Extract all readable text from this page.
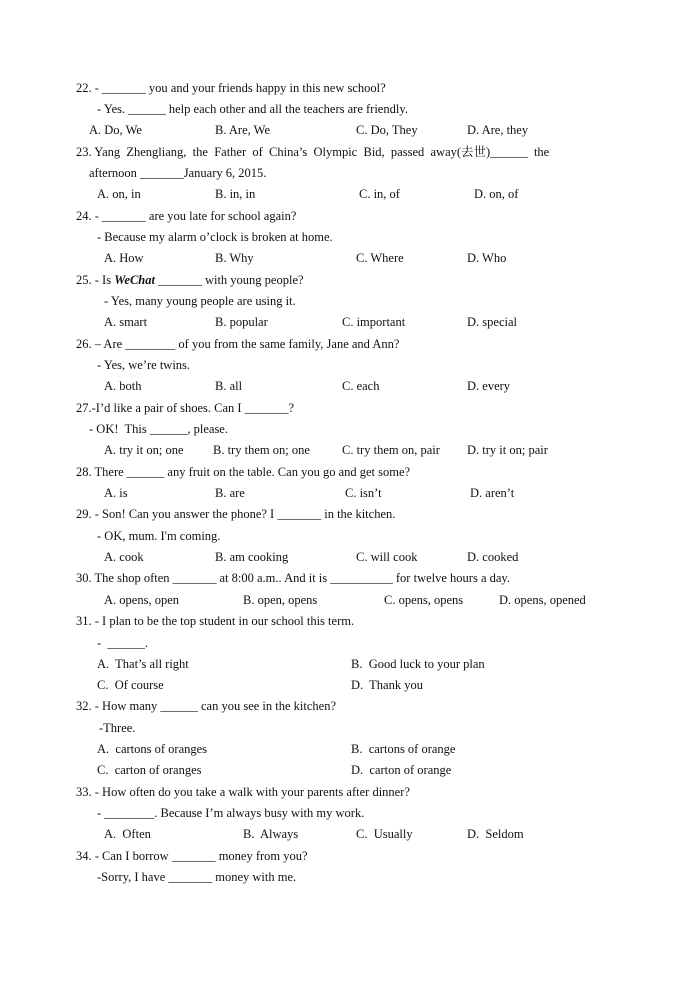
22. - _______ you and your friends happy in this new school?
- Yes. ______ help each other and all the teachers are friendly.
A. Do, We	B. Are, We	C. Do, They	D. Are, they
23. Yang  Zhengliang,  the  Father  of  China’s  Olympic  Bid,  passed  away(去世)______  the
afternoon _______January 6, 2015.
A. on, in	B. in, in	C. in, of	D. on, of
24. - _______ are you late for school again?
- Because my alarm o’clock is broken at home.
A. How	B. Why	C. Where	D. Who
25. - Is WeChat _______ with young people?
- Yes, many young people are using it.
A. smart	B. popular	C. important	D. special
26. – Are ________ of you from the same family, Jane and Ann?
- Yes, we’re twins.
A. both	B. all	C. each	D. every
27.-I’d like a pair of shoes. Can I _______?
- OK!  This ______, please.
A. try it on; one B. try them on; one	C. try them on, pair D. try it on; pair
28. There ______ any fruit on the table. Can you go and get some?
A. is	B. are	C. isn’t	D. aren’t
29. - Son! Can you answer the phone? I _______ in the kitchen.
- OK, mum. I'm coming.
A. cook	B. am cooking	C. will cook	D. cooked
30. The shop often _______ at 8:00 a.m.. And it is __________ for twelve hours a day.
A. opens, open	B. open, opens	C. opens, opens	D. opens, opened
31. - I plan to be the top student in our school this term.
-  ______.
A.  That’s all right	B.  Good luck to your plan
C.  Of course	D.  Thank you
32. - How many ______ can you see in the kitchen?
-Three.
A.  cartons of oranges	B.  cartons of orange
C.  carton of oranges	D.  carton of orange
33. - How often do you take a walk with your parents after dinner?
- ________. Because I’m always busy with my work.
A.  Often	B.  Always	C.  Usually	D.  Seldom
34. - Can I borrow _______ money from you?
-Sorry, I have _______ money with me.
